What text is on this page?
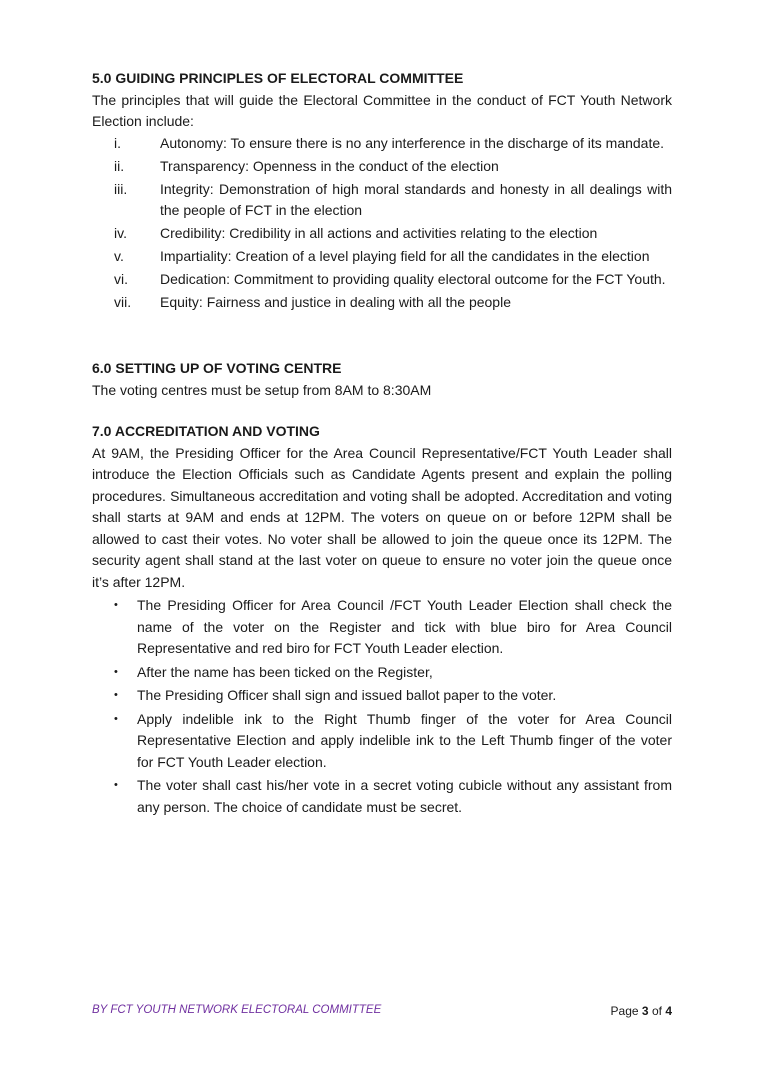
5.0 GUIDING PRINCIPLES OF ELECTORAL COMMITTEE

The principles that will guide the Electoral Committee in the conduct of FCT Youth Network Election include:

i.	Autonomy: To ensure there is no any interference in the discharge of its mandate.
ii.	Transparency: Openness in the conduct of the election
iii.	Integrity: Demonstration of high moral standards and honesty in all dealings with the people of FCT in the election
iv.	Credibility: Credibility in all actions and activities relating to the election
v.	Impartiality: Creation of a level playing field for all the candidates in the election
vi.	Dedication: Commitment to providing quality electoral outcome for the FCT Youth.
vii.	Equity: Fairness and justice in dealing with all the people
6.0 SETTING UP OF VOTING CENTRE

The voting centres must be setup from 8AM to 8:30AM

7.0 ACCREDITATION AND VOTING

At 9AM, the Presiding Officer for the Area Council Representative/FCT Youth Leader shall introduce the Election Officials such as Candidate Agents present and explain the polling procedures. Simultaneous accreditation and voting shall be adopted. Accreditation and voting shall starts at 9AM and ends at 12PM. The voters on queue on or before 12PM shall be allowed to cast their votes. No voter shall be allowed to join the queue once its 12PM. The security agent shall stand at the last voter on queue to ensure no voter join the queue once it’s after 12PM.

•	The Presiding Officer for Area Council /FCT Youth Leader Election shall check the name of the voter on the Register and tick with blue biro for Area Council Representative and red biro for FCT Youth Leader election.
•	After the name has been ticked on the Register,
•	The Presiding Officer shall sign and issued ballot paper to the voter.
•	Apply indelible ink to the Right Thumb finger of the voter for Area Council Representative Election and apply indelible ink to the Left Thumb finger of the voter for FCT Youth Leader election.
•	The voter shall cast his/her vote in a secret voting cubicle without any assistant from any person. The choice of candidate must be secret.
BY FCT YOUTH NETWORK ELECTORAL COMMITTEE	Page 3 of 4
